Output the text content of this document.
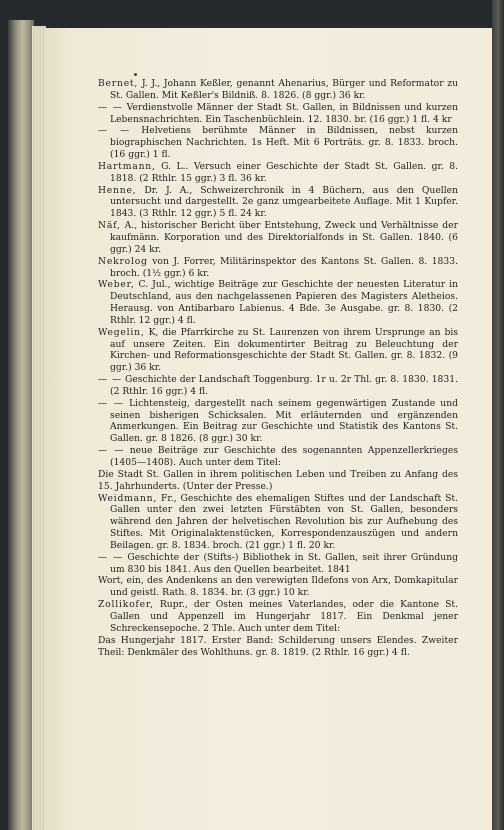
Bernet, J. J., Johann Keßler, genannt Ahenarius, Bürger und Reformator zu St. Gallen. Mit Keßler's Bildniß. 8. 1826. (8 ggr.) 36 kr.

— — Verdienstvolle Männer der Stadt St. Gallen, in Bildnissen und kurzen Lebensnachrichten. Ein Taschenbüchlein. 12. 1830. br. (16 ggr.) 1 fl. 4 kr

— — Helvetiens berühmte Männer in Bildnissen, nebst kurzen biographischen Nachrichten. 1s Heft. Mit 6 Porträts. gr. 8. 1833. broch. (16 ggr.) 1 fl.

Hartmann, G. L.. Versuch einer Geschichte der Stadt St. Gallen. gr. 8. 1818. (2 Rthlr. 15 ggr.) 3 fl. 36 kr.

Henne, Dr. J. A., Schweizerchronik in 4 Büchern, aus den Quellen untersucht und dargestellt. 2e ganz umgearbeitete Auflage. Mit 1 Kupfer. 1843. (3 Rthlr. 12 ggr.) 5 fl. 24 kr.

Näf, A., historischer Bericht über Entstehung, Zweck und Verhältnisse der kaufmänn. Korporation und des Direktorialfonds in St. Gallen. 1840. (6 ggr.) 24 kr.

Nekrolog von J. Forrer, Militärinspektor des Kantons St. Gallen. 8. 1833. broch. (1½ ggr.) 6 kr.

Weber, C. Jul., wichtige Beiträge zur Geschichte der neuesten Literatur in Deutschland, aus den nachgelassenen Papieren des Magisters Aletheios. Herausg. von Antibarbaro Labienus. 4 Bde. 3e Ausgabe. gr. 8. 1830. (2 Rthlr. 12 ggr.) 4 fl.

Wegelin, K, die Pfarrkirche zu St. Laurenzen von ihrem Ursprunge an bis auf unsere Zeiten. Ein dokumentirter Beitrag zu Beleuchtung der Kirchen- und Reformationsgeschichte der Stadt St. Gallen. gr. 8. 1832. (9 ggr.) 36 kr.

— — Geschichte der Landschaft Toggenburg. 1r u. 2r Thl. gr. 8. 1830. 1831. (2 Rthlr. 16 ggr.) 4 fl.

— — Lichtensteig, dargestellt nach seinem gegenwärtigen Zustande und seinen bisherigen Schicksalen. Mit erläuternden und ergänzenden Anmerkungen. Ein Beitrag zur Geschichte und Statistik des Kantons St. Gallen. gr. 8 1826. (8 ggr.) 30 kr.

— — neue Beiträge zur Geschichte des sogenannten Appenzellerkrieges (1405—1408). Auch unter dem Titel:

Die Stadt St. Gallen in ihrem politischen Leben und Treiben zu Anfang des 15. Jahrhunderts. (Unter der Presse.)

Weidmann, Fr., Geschichte des ehemaligen Stiftes und der Landschaft St. Gallen unter den zwei letzten Fürstäbten von St. Gallen, besonders während den Jahren der helvetischen Revolution bis zur Aufhebung des Stiftes. Mit Originalaktenstücken, Korrespondenzauszügen und andern Beilagen. gr. 8. 1834. broch. (21 ggr.) 1 fl. 20 kr.

— — Geschichte der (Stifts-) Bibliothek in St. Gallen, seit ihrer Gründung um 830 bis 1841. Aus den Quellen bearbeitet. 1841

Wort, ein, des Andenkens an den verewigten Ildefons von Arx, Domkapitular und geistl. Rath. 8. 1834. br. (3 ggr.) 10 kr.

Zollikofer, Rupr., der Osten meines Vaterlandes, oder die Kantone St. Gallen und Appenzell im Hungerjahr 1817. Ein Denkmal jener Schreckensepoche. 2 Thle. Auch unter dem Titel:

Das Hungerjahr 1817. Erster Band: Schilderung unsers Elendes. Zweiter Theil: Denkmäler des Wohlthuns. gr. 8. 1819. (2 Rthlr. 16 ggr.) 4 fl.
